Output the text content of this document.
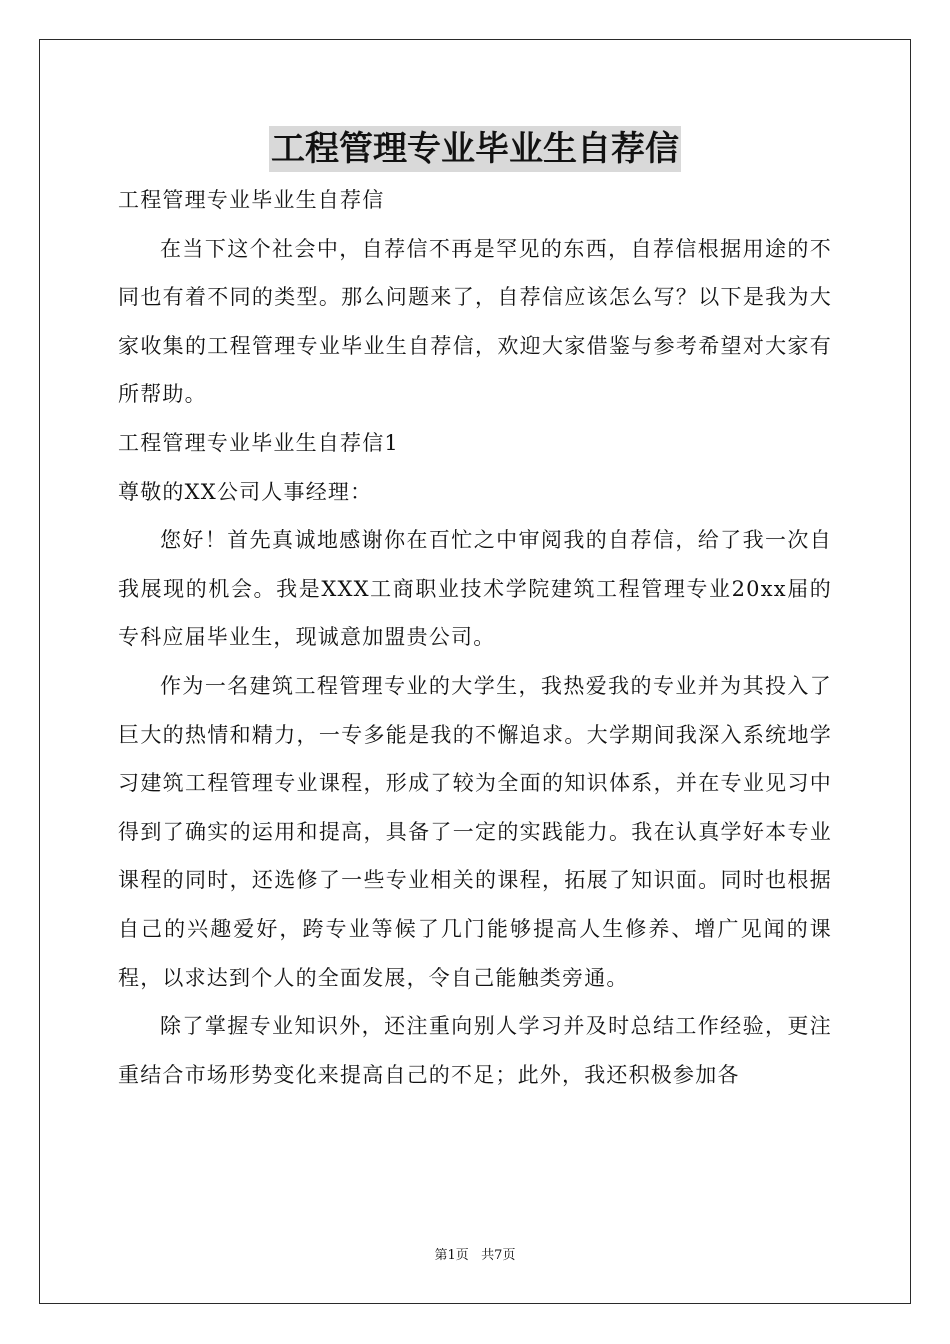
工程管理专业毕业生自荐信

工程管理专业毕业生自荐信

在当下这个社会中，自荐信不再是罕见的东西，自荐信根据用途的不同也有着不同的类型。那么问题来了，自荐信应该怎么写？以下是我为大家收集的工程管理专业毕业生自荐信，欢迎大家借鉴与参考希望对大家有所帮助。

工程管理专业毕业生自荐信1

尊敬的XX公司人事经理：

您好！首先真诚地感谢你在百忙之中审阅我的自荐信，给了我一次自我展现的机会。我是XXX工商职业技术学院建筑工程管理专业20xx届的专科应届毕业生，现诚意加盟贵公司。

作为一名建筑工程管理专业的大学生，我热爱我的专业并为其投入了巨大的热情和精力，一专多能是我的不懈追求。大学期间我深入系统地学习建筑工程管理专业课程，形成了较为全面的知识体系，并在专业见习中得到了确实的运用和提高，具备了一定的实践能力。我在认真学好本专业课程的同时，还选修了一些专业相关的课程，拓展了知识面。同时也根据自己的兴趣爱好，跨专业等候了几门能够提高人生修养、增广见闻的课程，以求达到个人的全面发展，令自己能触类旁通。

除了掌握专业知识外，还注重向别人学习并及时总结工作经验，更注重结合市场形势变化来提高自己的不足；此外，我还积极参加各

第1页   共7页
